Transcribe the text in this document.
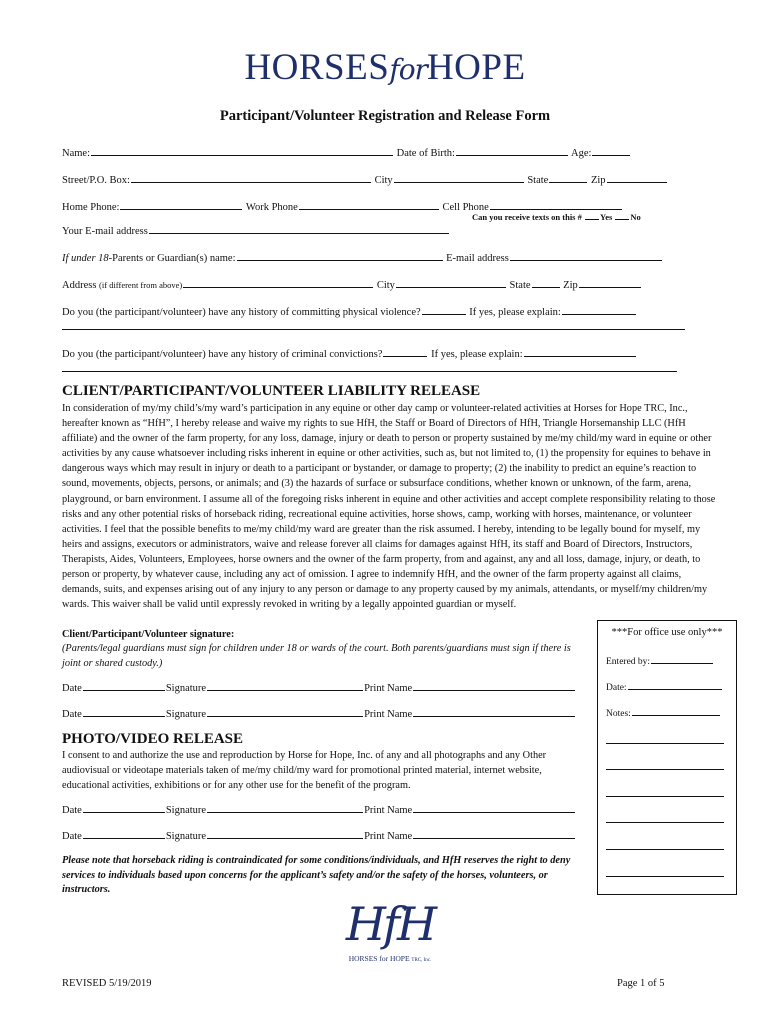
HORSESforHOPE
Participant/Volunteer Registration and Release Form
Name:	Date of Birth:	Age:
Street/P.O. Box:	City	State	Zip
Home Phone:	Work Phone	Cell Phone
Can you receive texts on this # Yes No
Your E-mail address
If under 18-Parents or Guardian(s) name:	E-mail address
Address (if different from above)	City	State	Zip
Do you (the participant/volunteer) have any history of committing physical violence?	If yes, please explain:
Do you (the participant/volunteer) have any history of criminal convictions?	If yes, please explain:
CLIENT/PARTICIPANT/VOLUNTEER LIABILITY RELEASE
In consideration of my/my child’s/my ward’s participation in any equine or other day camp or volunteer-related activities at Horses for Hope TRC, Inc., hereafter known as “HfH”, I hereby release and waive my rights to sue HfH, the Staff or Board of Directors of HfH, Triangle Horsemanship LLC (HfH affiliate) and the owner of the farm property, for any loss, damage, injury or death to person or property sustained by me/my child/my ward in equine or other activities by any cause whatsoever including risks inherent in equine or other activities, such as, but not limited to, (1) the propensity for equines to behave in dangerous ways which may result in injury or death to a participant or bystander, or damage to property; (2) the inability to predict an equine’s reaction to sound, movements, objects, persons, or animals; and (3) the hazards of surface or subsurface conditions, whether known or unknown, of the farm, arena, playground, or barn environment. I assume all of the foregoing risks inherent in equine and other activities and accept complete responsibility relating to those risks and any other potential risks of horseback riding, recreational equine activities, horse shows, camp, working with horses, maintenance, or volunteer activities. I feel that the possible benefits to me/my child/my ward are greater than the risk assumed. I hereby, intending to be legally bound for myself, my heirs and assigns, executors or administrators, waive and release forever all claims for damages against HfH, its staff and Board of Directors, Instructors, Therapists, Aides, Volunteers, Employees, horse owners and the owner of the farm property, from and against, any and all loss, damage, injury, or death, to person or property, by whatever cause, including any act of omission. I agree to indemnify HfH, and the owner of the farm property against all claims, demands, suits, and expenses arising out of any injury to any person or damage to any property caused by my animals, attendants, or myself/my children/my wards. This waiver shall be valid until expressly revoked in writing by a legally appointed guardian or myself.
Client/Participant/Volunteer signature:
(Parents/legal guardians must sign for children under 18 or wards of the court. Both parents/guardians must sign if there is joint or shared custody.)
Date	Signature	Print Name
Date	Signature	Print Name
PHOTO/VIDEO RELEASE
I consent to and authorize the use and reproduction by Horse for Hope, Inc. of any and all photographs and any Other audiovisual or videotape materials taken of me/my child/my ward for promotional printed material, internet website, educational activities, exhibitions or for any other use for the benefit of the program.
Date	Signature	Print Name
Date	Signature	Print Name
Please note that horseback riding is contraindicated for some conditions/individuals, and HfH reserves the right to deny services to individuals based upon concerns for the applicant’s safety and/or the safety of the horses, volunteers, or instructors.
***For office use only***
Entered by:
Date:
Notes:
HfH
HORSES for HOPE TRC, Inc.
REVISED 5/19/2019	Page 1 of 5
